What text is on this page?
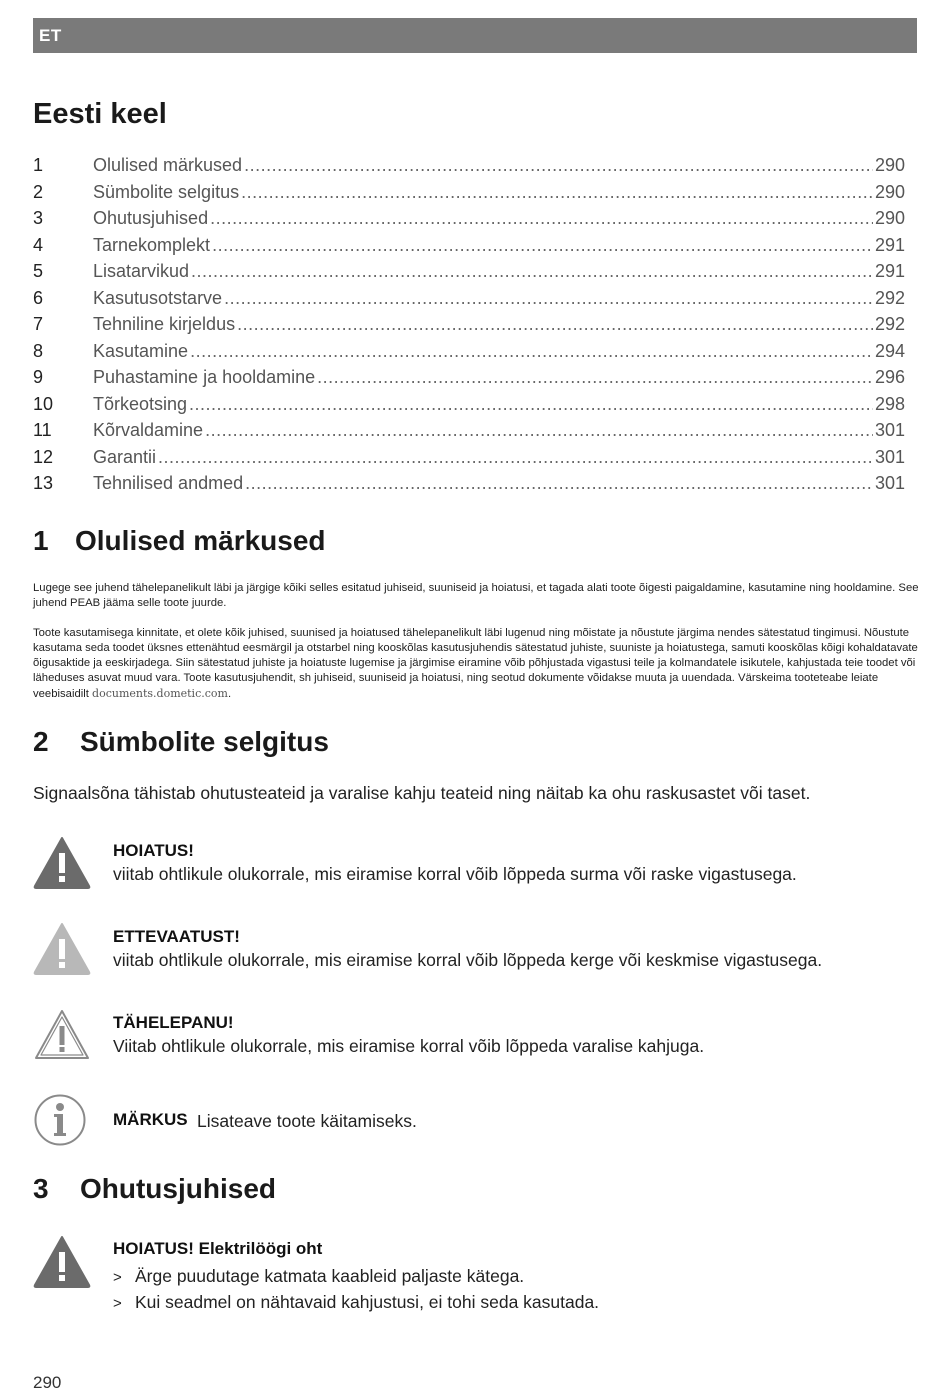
ET
Eesti keel
1	Olulised märkused .....	290
2	Sümbolite selgitus .....	290
3	Ohutusjuhised .....	290
4	Tarnekomplekt .....	291
5	Lisatarvikud .....	291
6	Kasutusotstarve .....	292
7	Tehniline kirjeldus .....	292
8	Kasutamine .....	294
9	Puhastamine ja hooldamine .....	296
10	Tõrkeotsing .....	298
11	Kõrvaldamine .....	301
12	Garantii .....	301
13	Tehnilised andmed .....	301
1 Olulised märkused

Lugege see juhend tähelepanelikult läbi ja järgige kõiki selles esitatud juhiseid, suuniseid ja hoiatusi, et tagada alati toote õigesti paigaldamine, kasutamine ning hooldamine. See juhend PEAB jääma selle toote juurde.

Toote kasutamisega kinnitate, et olete kõik juhised, suunised ja hoiatused tähelepanelikult läbi lugenud ning mõistate ja nõustute järgima nendes sätestatud tingimusi. Nõustute kasutama seda toodet üksnes ettenähtud eesmärgil ja otstarbel ning kooskõlas kasutusjuhendis sätestatud juhiste, suuniste ja hoiatustega, samuti kooskõlas kõigi kohaldatavate õigusaktide ja eeskirjadega. Siin sätestatud juhiste ja hoiatuste lugemise ja järgimise eiramine võib põhjustada vigastusi teile ja kolmandatele isikutele, kahjustada teie toodet või läheduses asuvat muud vara. Toote kasutusjuhendit, sh juhiseid, suuniseid ja hoiatusi, ning seotud dokumente võidakse muuta ja uuendada. Värskeima tooteteabe leiate veebisaidilt documents.dometic.com.

2 Sümbolite selgitus

Signaalsõna tähistab ohutusteateid ja varalise kahju teateid ning näitab ka ohu raskusastet või taset.

HOIATUS!
viitab ohtlikule olukorrale, mis eiramise korral võib lõppeda surma või raske vigastusega.
ETTEVAATUST!
viitab ohtlikule olukorrale, mis eiramise korral võib lõppeda kerge või keskmise vigastusega.
TÄHELEPANU!
Viitab ohtlikule olukorrale, mis eiramise korral võib lõppeda varalise kahjuga.
MÄRKUS Lisateave toote käitamiseks.
3 Ohutusjuhised
HOIATUS! Elektrilöögi oht
> Ärge puudutage katmata kaableid paljaste kätega.
> Kui seadmel on nähtavaid kahjustusi, ei tohi seda kasutada.
290
